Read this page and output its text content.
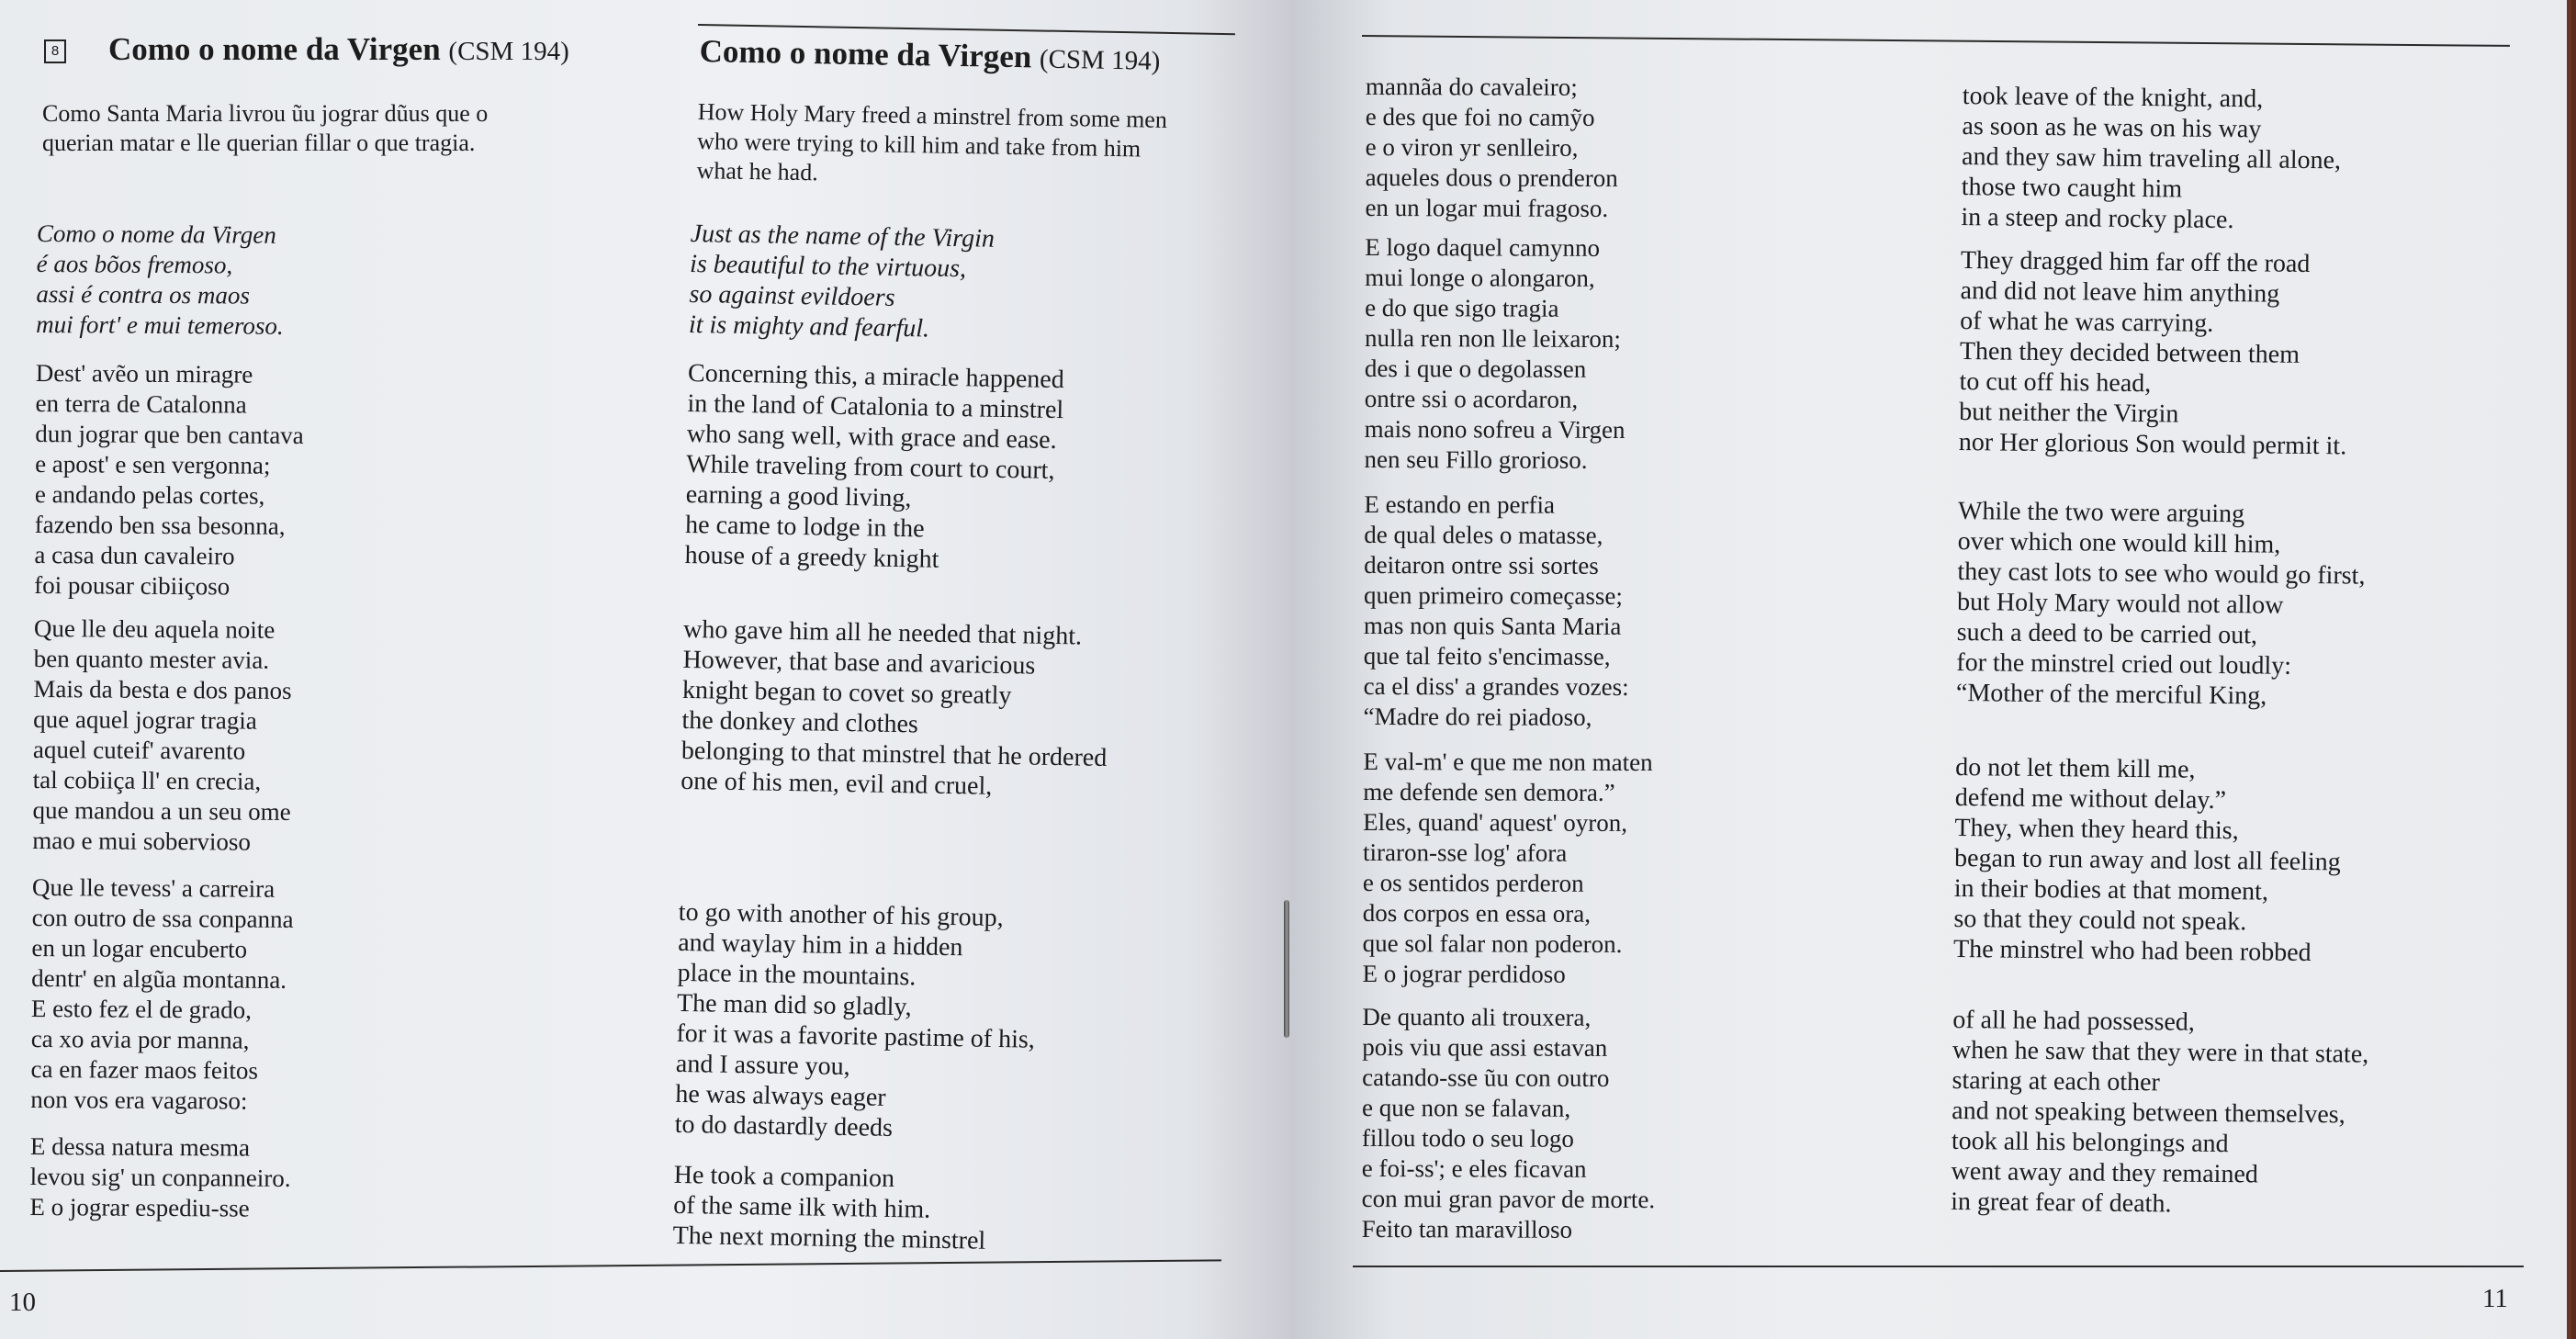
8 Como o nome da Virgen (CSM 194)	Como o nome da Virgen (CSM 194)
Como Santa Maria livrou ũu jograr dũus que o
querian matar e lle querian fillar o que tragia.
How Holy Mary freed a minstrel from some men
who were trying to kill him and take from him
what he had.
Como o nome da Virgen
é aos bõos fremoso,
assi é contra os maos
mui fort' e mui temeroso.
Dest' avẽo un miragre
en terra de Catalonna
dun jograr que ben cantava
e apost' e sen vergonna;
e andando pelas cortes,
fazendo ben ssa besonna,
a casa dun cavaleiro
foi pousar cibiiçoso
Que lle deu aquela noite
ben quanto mester avia.
Mais da besta e dos panos
que aquel jograr tragia
aquel cuteif' avarento
tal cobiiça ll' en crecia,
que mandou a un seu ome
mao e mui sobervioso
Que lle tevess' a carreira
con outro de ssa conpanna
en un logar encuberto
dentr' en algũa montanna.
E esto fez el de grado,
ca xo avia por manna,
ca en fazer maos feitos
non vos era vagaroso:
E dessa natura mesma
levou sig' un conpanneiro.
E o jograr espediu-sse
Just as the name of the Virgin
is beautiful to the virtuous,
so against evildoers
it is mighty and fearful.
Concerning this, a miracle happened
in the land of Catalonia to a minstrel
who sang well, with grace and ease.
While traveling from court to court,
earning a good living,
he came to lodge in the
house of a greedy knight
who gave him all he needed that night.
However, that base and avaricious
knight began to covet so greatly
the donkey and clothes
belonging to that minstrel that he ordered
one of his men, evil and cruel,
to go with another of his group,
and waylay him in a hidden
place in the mountains.
The man did so gladly,
for it was a favorite pastime of his,
and I assure you,
he was always eager
to do dastardly deeds
He took a companion
of the same ilk with him.
The next morning the minstrel
10
mannãa do cavaleiro;
e des que foi no camỹo
e o viron yr senlleiro,
aqueles dous o prenderon
en un logar mui fragoso.
E logo daquel camynno
mui longe o alongaron,
e do que sigo tragia
nulla ren non lle leixaron;
des i que o degolassen
ontre ssi o acordaron,
mais nono sofreu a Virgen
nen seu Fillo grorioso.
E estando en perfia
de qual deles o matasse,
deitaron ontre ssi sortes
quen primeiro começasse;
mas non quis Santa Maria
que tal feito s'encimasse,
ca el diss' a grandes vozes:
“Madre do rei piadoso,
E val-m' e que me non maten
me defende sen demora.”
Eles, quand' aquest' oyron,
tiraron-sse log' afora
e os sentidos perderon
dos corpos en essa ora,
que sol falar non poderon.
E o jograr perdidoso
De quanto ali trouxera,
pois viu que assi estavan
catando-sse ũu con outro
e que non se falavan,
fillou todo o seu logo
e foi-ss'; e eles ficavan
con mui gran pavor de morte.
Feito tan maravilloso
took leave of the knight, and,
as soon as he was on his way
and they saw him traveling all alone,
those two caught him
in a steep and rocky place.
They dragged him far off the road
and did not leave him anything
of what he was carrying.
Then they decided between them
to cut off his head,
but neither the Virgin
nor Her glorious Son would permit it.
While the two were arguing
over which one would kill him,
they cast lots to see who would go first,
but Holy Mary would not allow
such a deed to be carried out,
for the minstrel cried out loudly:
“Mother of the merciful King,
do not let them kill me,
defend me without delay.”
They, when they heard this,
began to run away and lost all feeling
in their bodies at that moment,
so that they could not speak.
The minstrel who had been robbed
of all he had possessed,
when he saw that they were in that state,
staring at each other
and not speaking between themselves,
took all his belongings and
went away and they remained
in great fear of death.
11
